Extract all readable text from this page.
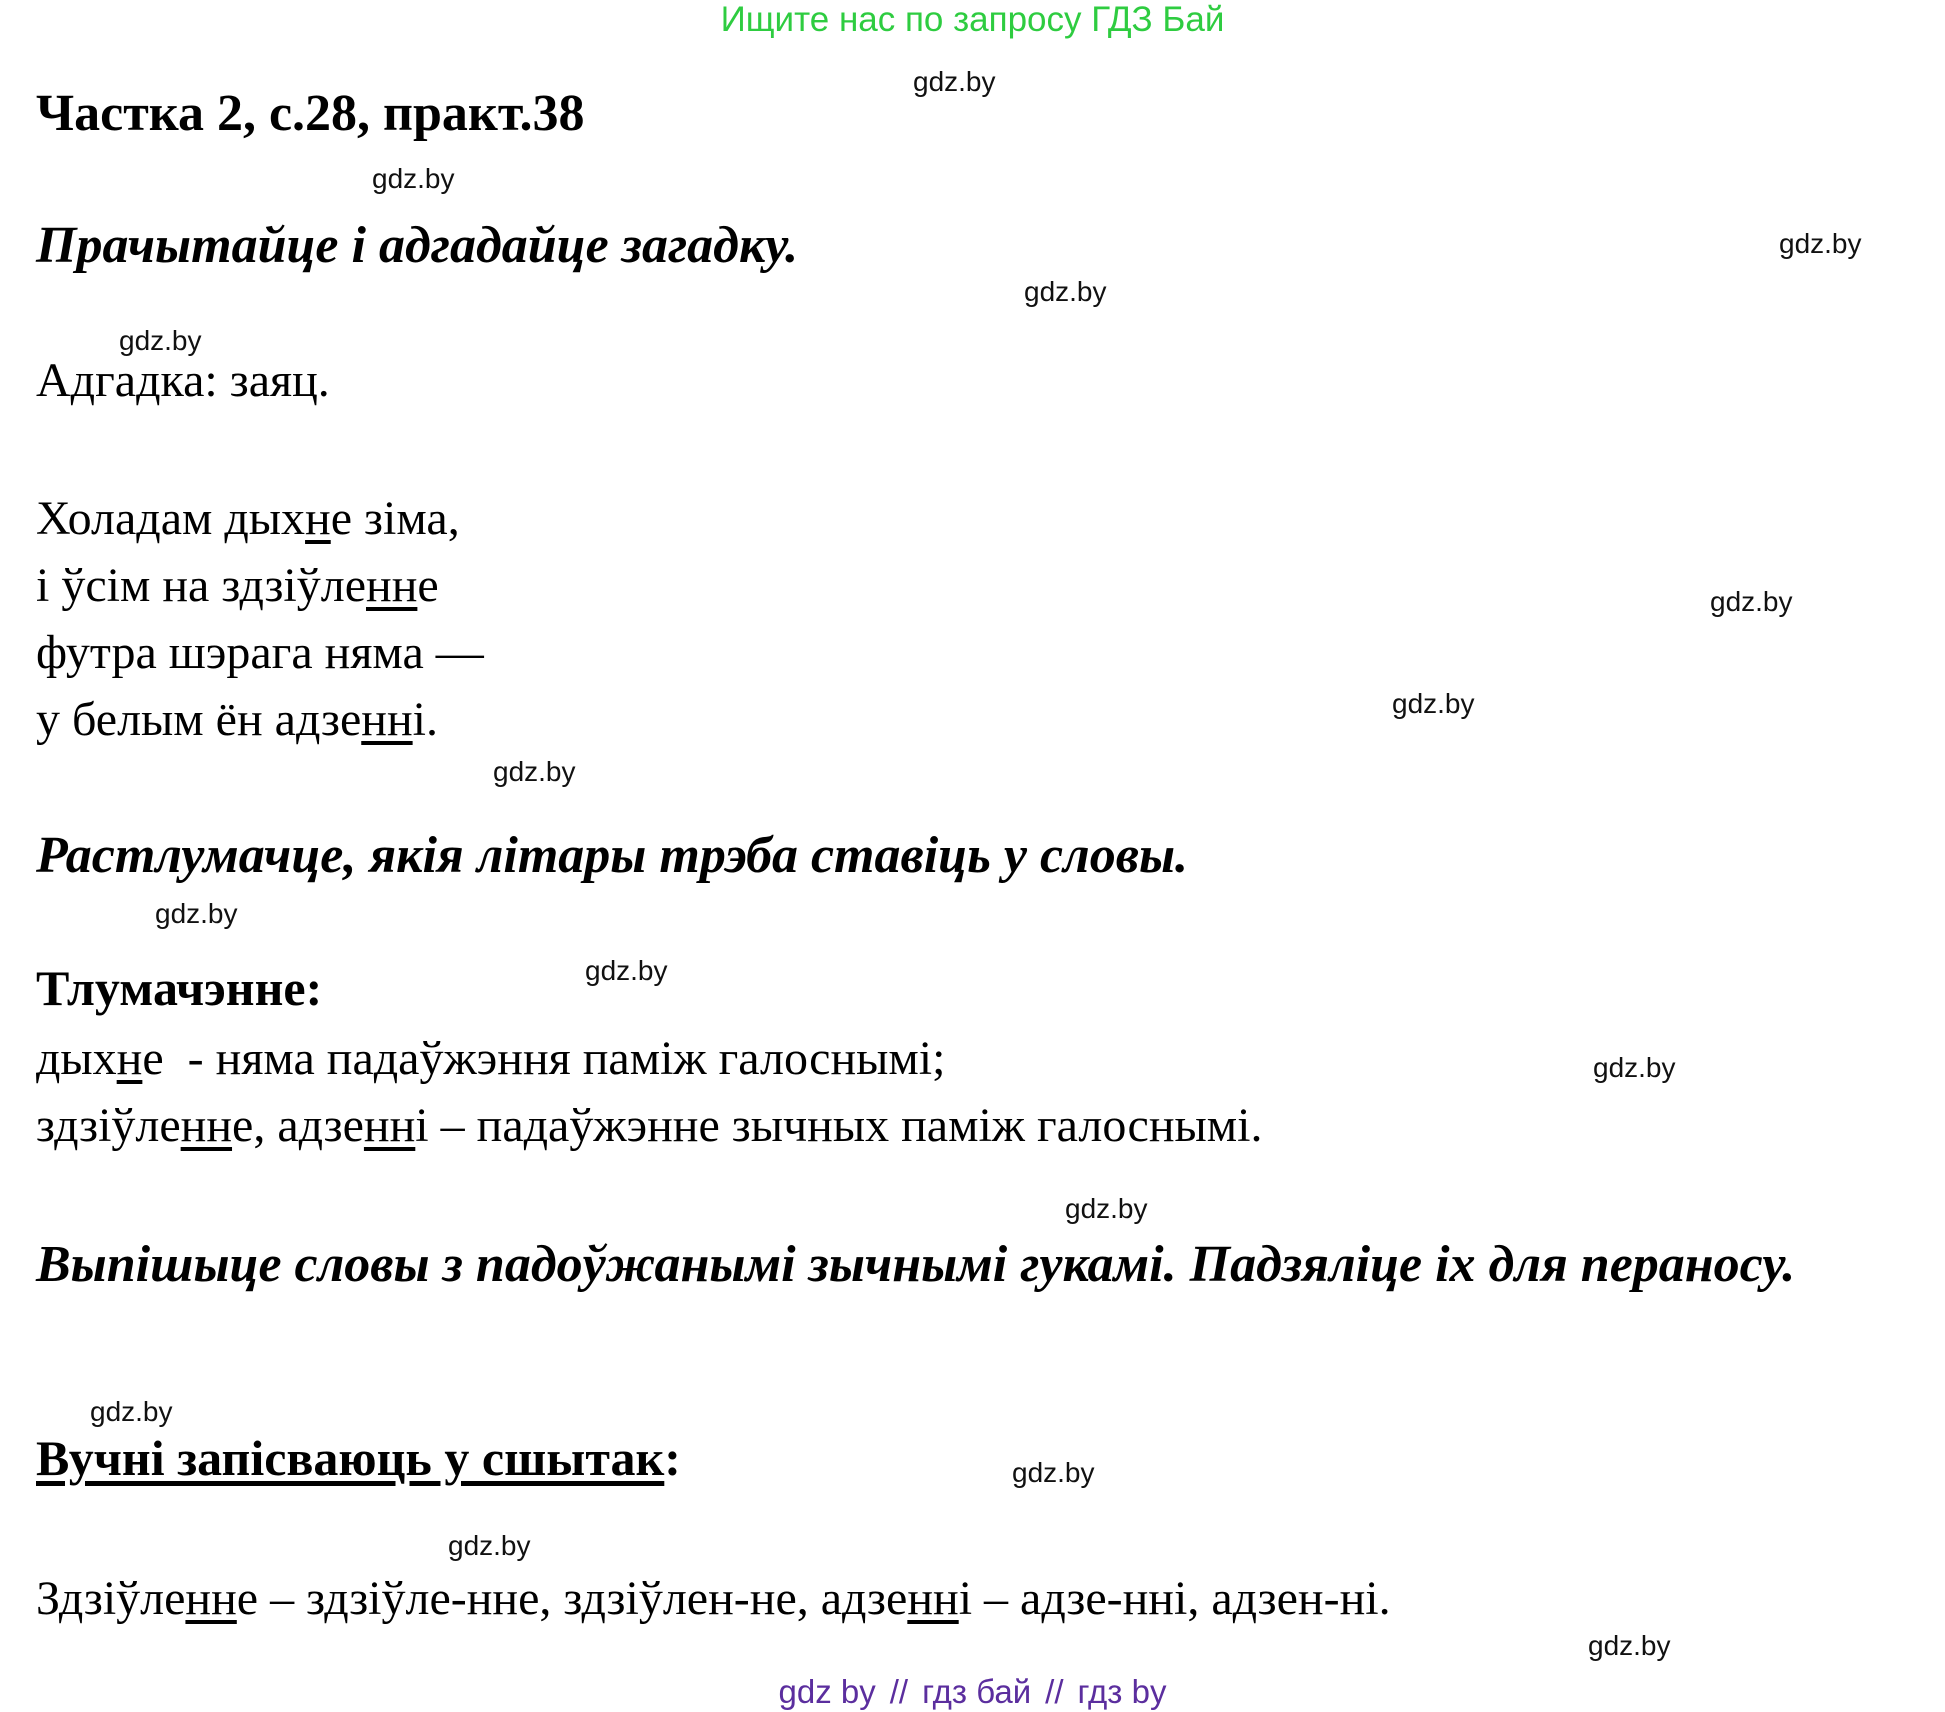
Ищите нас по запросу ГДЗ Бай
gdz.by
gdz.by
gdz.by
gdz.by
gdz.by
gdz.by
gdz.by
gdz.by
gdz.by
gdz.by
gdz.by
gdz.by
gdz.by
gdz.by
gdz.by
gdz.by
Частка 2, с.28, практ.38
Прачытайце і адгадайце загадку.
Адгадка: заяц.
Холадам дыхне зіма,
і ўсім на здзіўленне
футра шэрага няма —
у белым ён адзенні.
Растлумачце, якія літары трэба ставіць у словы.
Тлумачэнне:
дыхне  - няма падаўжэння паміж галоснымі;
здзіўленне, адзенні – падаўжэнне зычных паміж галоснымі.

Выпішыце словы з падоўжанымі зычнымі гукамі. Падзяліце іх для пераносу.

Вучні запісваюць у сшытак:
Здзіўленне – здзіўле-нне, здзіўлен-не, адзенні – адзе-нні, адзен-ні.
gdz by // гдз бай // гдз by
